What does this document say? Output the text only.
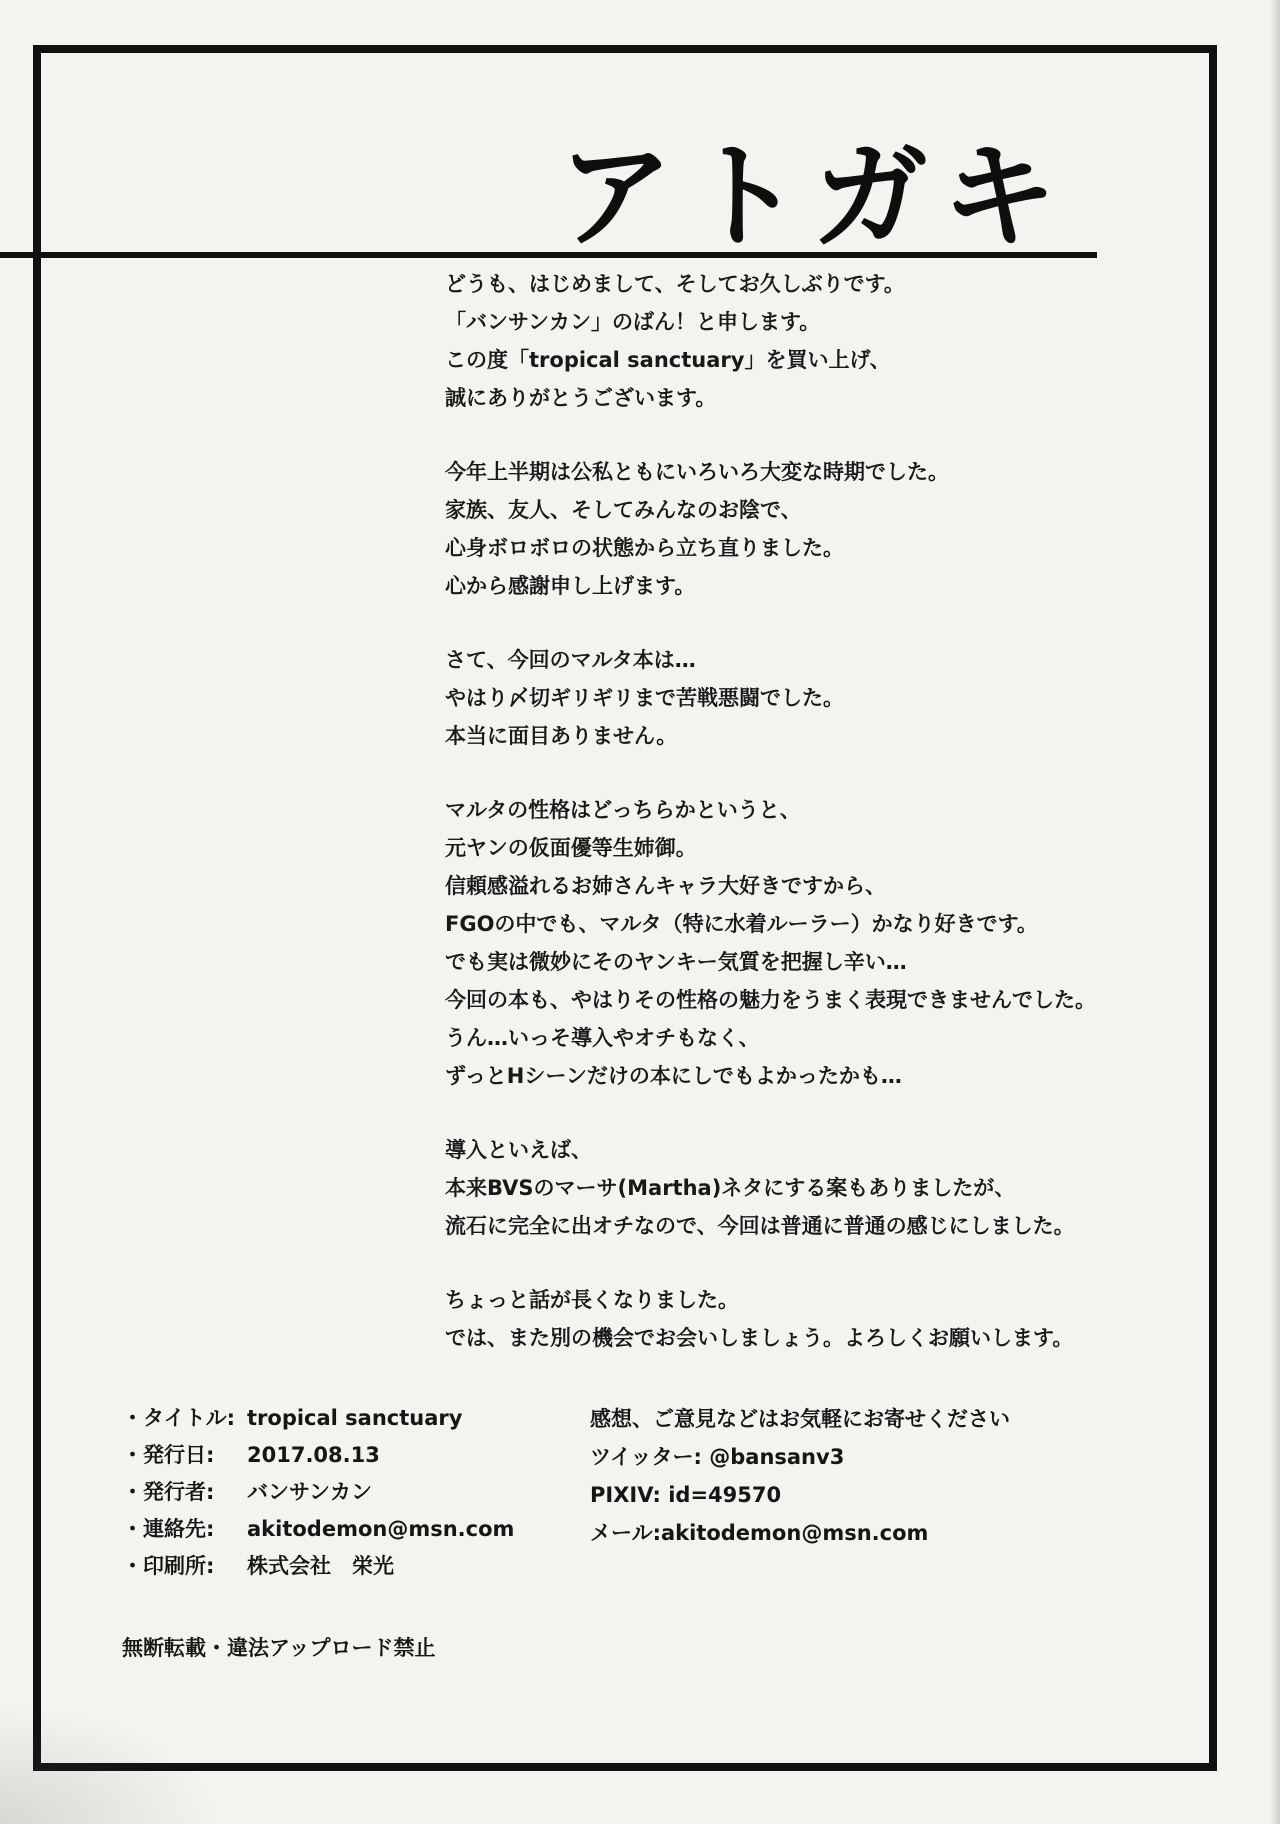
アトガキ
どうも、はじめまして、そしてお久しぶりです。
「バンサンカン」のばん！と申します。
この度「tropical sanctuary」を買い上げ、
誠にありがとうございます。
今年上半期は公私ともにいろいろ大変な時期でした。
家族、友人、そしてみんなのお陰で、
心身ボロボロの状態から立ち直りました。
心から感謝申し上げます。
さて、今回のマルタ本は…
やはり〆切ギリギリまで苦戦悪闘でした。
本当に面目ありません。
マルタの性格はどっちらかというと、
元ヤンの仮面優等生姉御。
信頼感溢れるお姉さんキャラ大好きですから、
FGOの中でも、マルタ（特に水着ルーラー）かなり好きです。
でも実は微妙にそのヤンキー気質を把握し辛い…
今回の本も、やはりその性格の魅力をうまく表現できませんでした。
うん…いっそ導入やオチもなく、
ずっとHシーンだけの本にしでもよかったかも…
導入といえば、
本来BVSのマーサ(Martha)ネタにする案もありましたが、
流石に完全に出オチなので、今回は普通に普通の感じにしました。
ちょっと話が長くなりました。
では、また別の機会でお会いしましょう。よろしくお願いします。
・タイトル: tropical sanctuary
・発行日: 2017.08.13
・発行者: バンサンカン
・連絡先: akitodemon@msn.com
・印刷所: 株式会社　栄光
感想、ご意見などはお気軽にお寄せください
ツイッター: @bansanv3
PIXIV: id=49570
メール:akitodemon@msn.com
無断転載・違法アップロード禁止
